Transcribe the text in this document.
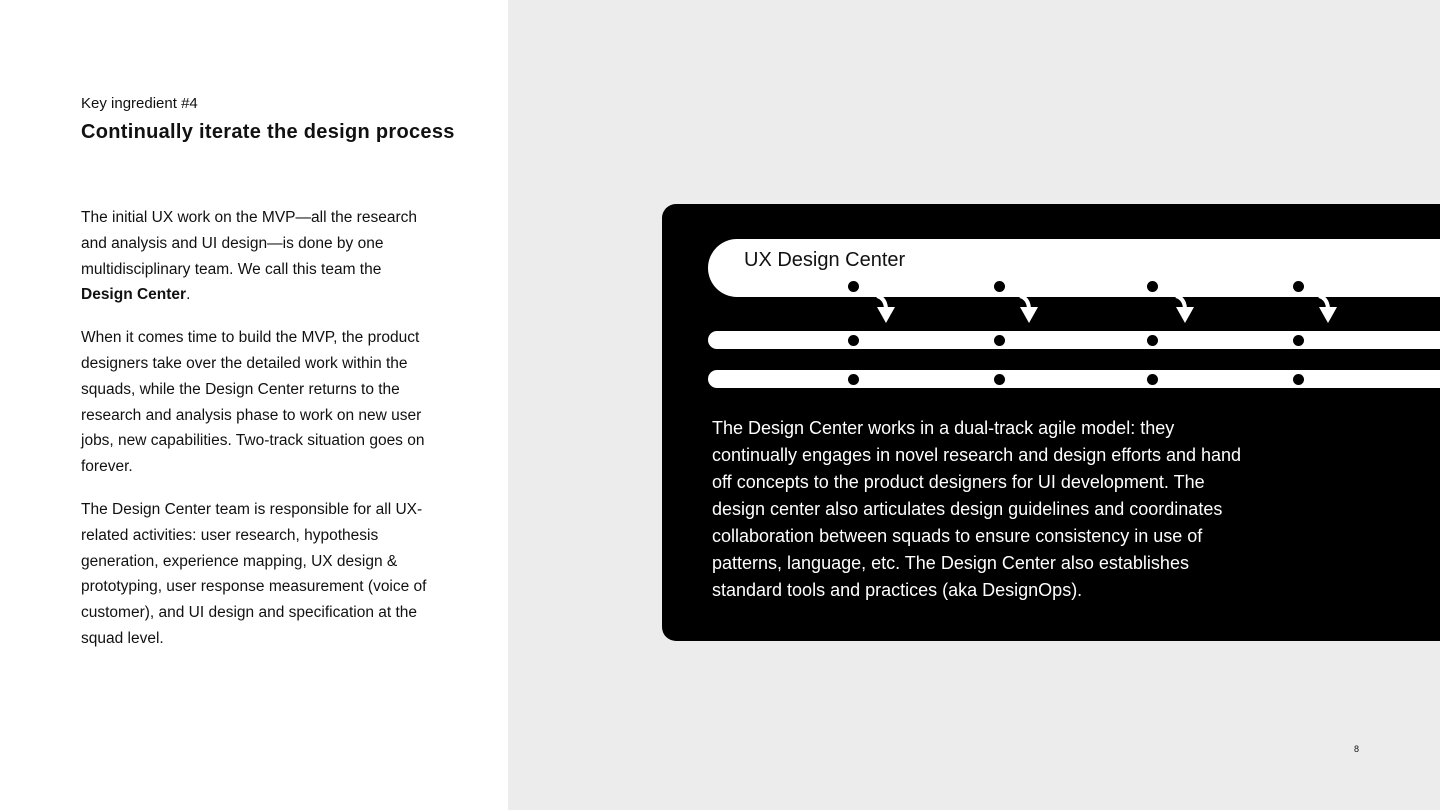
Key ingredient #4
Continually iterate the design process

The initial UX work on the MVP—all the research and analysis and UI design—is done by one multidisciplinary team. We call this team the Design Center.

When it comes time to build the MVP, the product designers take over the detailed work within the squads, while the Design Center returns to the research and analysis phase to work on new user jobs, new capabilities. Two-track situation goes on forever.

The Design Center team is responsible for all UX-related activities: user research, hypothesis generation, experience mapping, UX design & prototyping, user response measurement (voice of customer), and UI design and specification at the squad level.

UX Design Center
The Design Center works in a dual-track agile model: they continually engages in novel research and design efforts and hand off concepts to the product designers for UI development. The design center also articulates design guidelines and coordinates collaboration between squads to ensure consistency in use of patterns, language, etc. The Design Center also establishes standard tools and practices (aka DesignOps).
8
